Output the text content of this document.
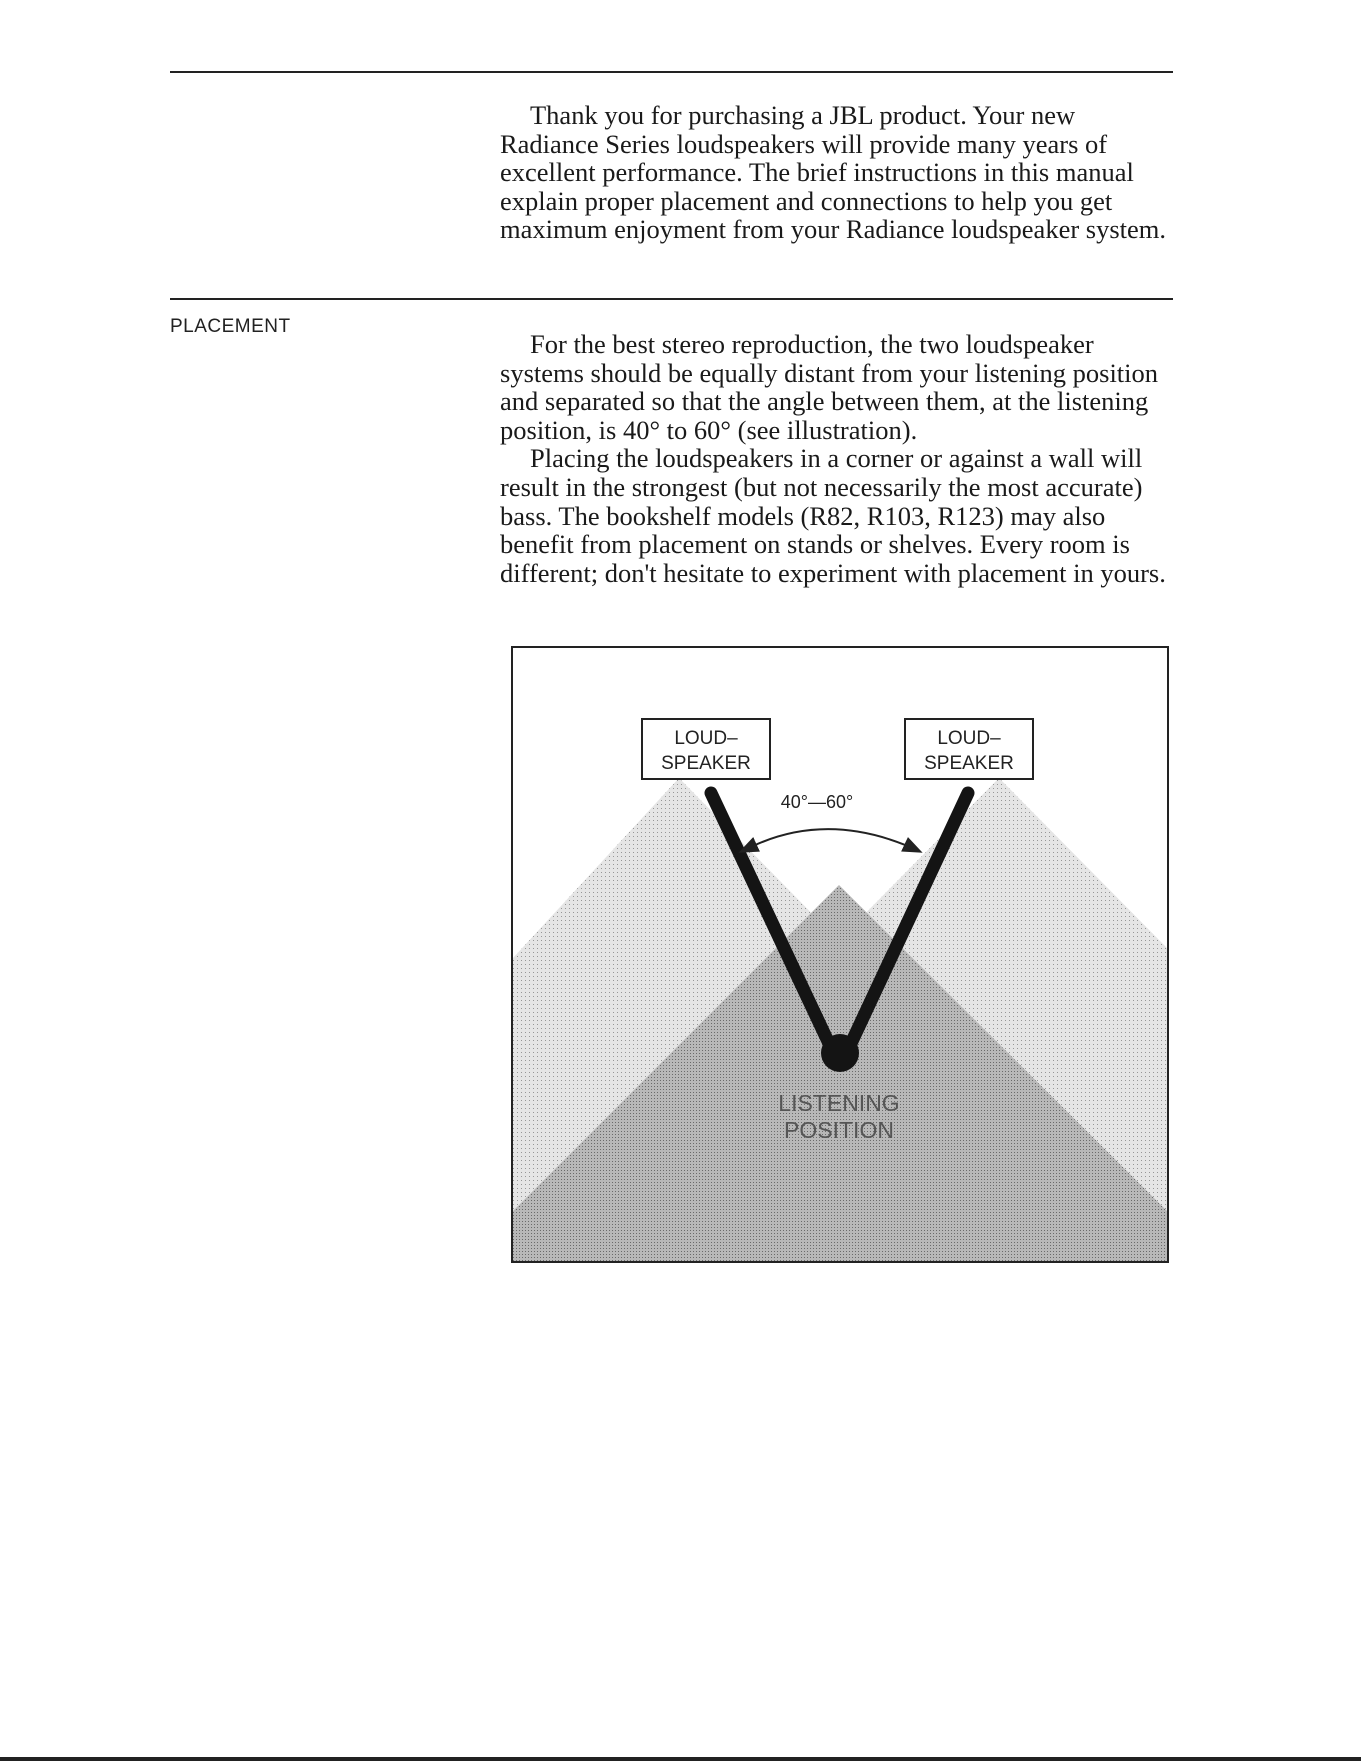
Thank you for purchasing a JBL product. Your new Radiance Series loudspeakers will provide many years of excellent performance. The brief instructions in this manual explain proper placement and connections to help you get maximum enjoyment from your Radiance loudspeaker system.

PLACEMENT

For the best stereo reproduction, the two loudspeaker systems should be equally distant from your listening position and separated so that the angle between them, at the listening position, is 40° to 60° (see illustration).

Placing the loudspeakers in a corner or against a wall will result in the strongest (but not necessarily the most accurate) bass. The bookshelf models (R82, R103, R123) may also benefit from placement on stands or shelves. Every room is different; don't hesitate to experiment with placement in yours.

LOUD–
SPEAKER
LOUD–
SPEAKER
40°—60°
LISTENING
POSITION
